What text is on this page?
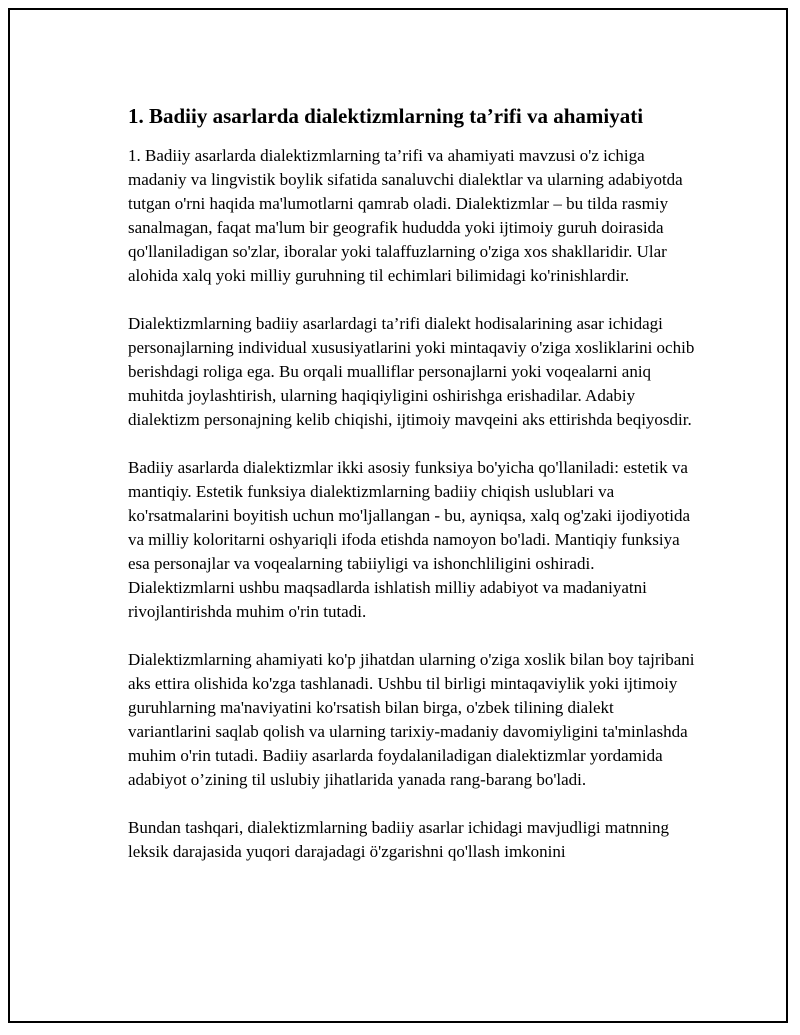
1. Badiiy asarlarda dialektizmlarning ta’rifi va ahamiyati

1. Badiiy asarlarda dialektizmlarning ta’rifi va ahamiyati mavzusi o'z ichiga madaniy va lingvistik boylik sifatida sanaluvchi dialektlar va ularning adabiyotda tutgan o'rni haqida ma'lumotlarni qamrab oladi. Dialektizmlar – bu tilda rasmiy sanalmagan, faqat ma'lum bir geografik hududda yoki ijtimoiy guruh doirasida qo'llaniladigan so'zlar, iboralar yoki talaffuzlarning o'ziga xos shakllaridir. Ular alohida xalq yoki milliy guruhning til echimlari bilimidagi ko'rinishlardir.

Dialektizmlarning badiiy asarlardagi ta’rifi dialekt hodisalarining asar ichidagi personajlarning individual xususiyatlarini yoki mintaqaviy o'ziga xosliklarini ochib berishdagi roliga ega. Bu orqali mualliflar personajlarni yoki voqealarni aniq muhitda joylashtirish, ularning haqiqiyligini oshirishga erishadilar. Adabiy dialektizm personajning kelib chiqishi, ijtimoiy mavqeini aks ettirishda beqiyosdir.

Badiiy asarlarda dialektizmlar ikki asosiy funksiya bo'yicha qo'llaniladi: estetik va mantiqiy. Estetik funksiya dialektizmlarning badiiy chiqish uslublari va ko'rsatmalarini boyitish uchun mo'ljallangan - bu, ayniqsa, xalq og'zaki ijodiyotida va milliy koloritarni oshyariqli ifoda etishda namoyon bo'ladi. Mantiqiy funksiya esa personajlar va voqealarning tabiiyligi va ishonchliligini oshiradi. Dialektizmlarni ushbu maqsadlarda ishlatish milliy adabiyot va madaniyatni rivojlantirishda muhim o'rin tutadi.

Dialektizmlarning ahamiyati ko'p jihatdan ularning o'ziga xoslik bilan boy tajribani aks ettira olishida ko'zga tashlanadi. Ushbu til birligi mintaqaviylik yoki ijtimoiy guruhlarning ma'naviyatini ko'rsatish bilan birga, o'zbek tilining dialekt variantlarini saqlab qolish va ularning tarixiy-madaniy davomiyligini ta'minlashda muhim o'rin tutadi. Badiiy asarlarda foydalaniladigan dialektizmlar yordamida adabiyot o’zining til uslubiy jihatlarida yanada rang-barang bo'ladi.

Bundan tashqari, dialektizmlarning badiiy asarlar ichidagi mavjudligi matnning leksik darajasida yuqori darajadagi ö'zgarishni qo'llash imkonini
